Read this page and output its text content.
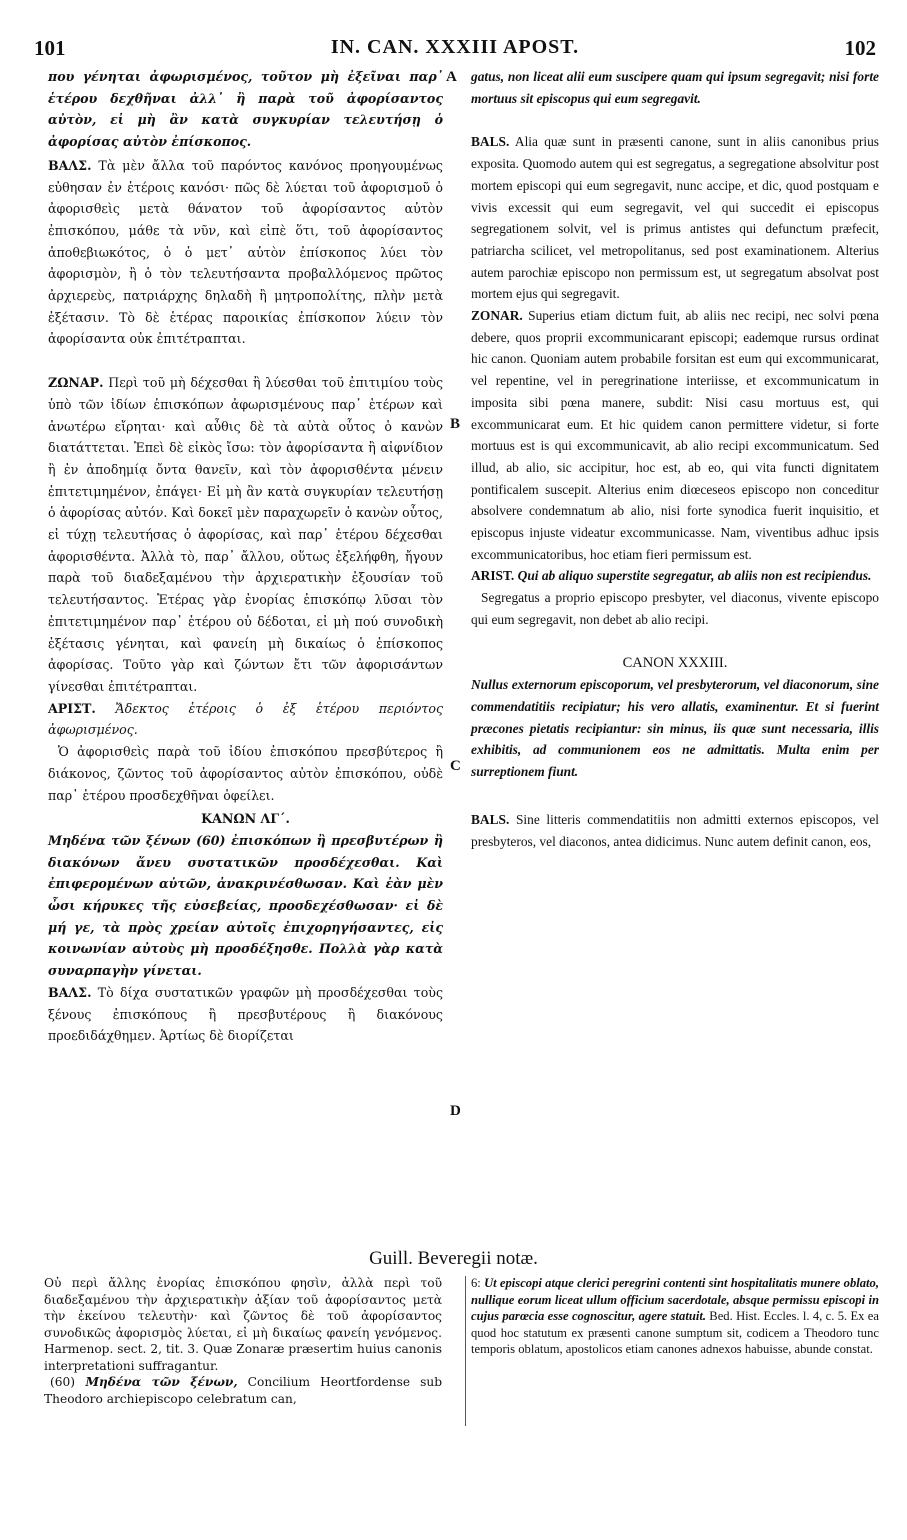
101	IN. CAN. XXXIII APOST.	102
A
B
C
D

που γένηται ἀφωρισμένος, τοῦτον μὴ ἐξεῖναι παρ᾽ ἑτέρου δεχθῆναι ἀλλ᾽ ἢ παρὰ τοῦ ἀφορίσαντος αὐτὸν, εἰ μὴ ἂν κατὰ συγκυρίαν τελευτήσῃ ὁ ἀφορίσας αὐτὸν ἐπίσκοπος.

ΒΑΛΣ. Τὰ μὲν ἄλλα τοῦ παρόντος κανόνος προηγουμένως εὐθησαν ἐν ἑτέροις κανόσι· πῶς δὲ λύεται τοῦ ἀφορισμοῦ ὁ ἀφορισθεὶς μετὰ θάνατον τοῦ ἀφορίσαντος αὐτὸν ἐπισκόπου, μάθε τὰ νῦν, καὶ εἰπὲ ὅτι, τοῦ ἀφορίσαντος ἀποθεβιωκότος, ὁ ὁ μετ᾽ αὐτὸν ἐπίσκοπος λύει τὸν ἀφορισμὸν, ἢ ὁ τὸν τελευτήσαντα προβαλλόμενος πρῶτος ἀρχιερεὺς, πατριάρχης δηλαδὴ ἢ μητροπολίτης, πλὴν μετὰ ἐξέτασιν. Τὸ δὲ ἑτέρας παροικίας ἐπίσκοπον λύειν τὸν ἀφορίσαντα οὐκ ἐπιτέτραπται.

ΖΩΝΑΡ. Περὶ τοῦ μὴ δέχεσθαι ἢ λύεσθαι τοῦ ἐπιτιμίου τοὺς ὑπὸ τῶν ἰδίων ἐπισκόπων ἀφωρισμένους παρ᾽ ἑτέρων καὶ ἀνωτέρω εἴρηται· καὶ αὖθις δὲ τὰ αὐτὰ οὗτος ὁ κανὼν διατάττεται. Ἐπεὶ δὲ εἰκὸς ἴσω: τὸν ἀφορίσαντα ἢ αἰφνίδιον ἢ ἐν ἀποδημίᾳ ὄντα θανεῖν, καὶ τὸν ἀφορισθέντα μένειν ἐπιτετιμημένον, ἐπάγει· Εἰ μὴ ἂν κατὰ συγκυρίαν τελευτήσῃ ὁ ἀφορίσας αὐτόν. Καὶ δοκεῖ μὲν παραχωρεῖν ὁ κανὼν οὗτος, εἰ τύχῃ τελευτήσας ὁ ἀφορίσας, καὶ παρ᾽ ἑτέρου δέχεσθαι ἀφορισθέντα. Ἀλλὰ τὸ, παρ᾽ ἄλλου, οὕτως ἐξελήφθη, ἤγουν παρὰ τοῦ διαδεξαμένου τὴν ἀρχιερατικὴν ἐξουσίαν τοῦ τελευτήσαντος. Ἑτέρας γὰρ ἐνορίας ἐπισκόπῳ λῦσαι τὸν ἐπιτετιμημένον παρ᾽ ἑτέρου οὐ δέδοται, εἰ μὴ πού συνοδικὴ ἐξέτασις γένηται, καὶ φανείη μὴ δικαίως ὁ ἐπίσκοπος ἀφορίσας. Τοῦτο γὰρ καὶ ζώντων ἔτι τῶν ἀφορισάντων γίνεσθαι ἐπιτέτραπται.

ΑΡΙΣΤ. Ἄδεκτος ἑτέροις ὁ ἐξ ἑτέρου περιόντος ἀφωρισμένος.

Ὁ ἀφορισθεὶς παρὰ τοῦ ἰδίου ἐπισκόπου πρεσβύτερος ἢ διάκονος, ζῶντος τοῦ ἀφορίσαντος αὐτὸν ἐπισκόπου, οὐδὲ παρ᾽ ἑτέρου προσδεχθῆναι ὀφείλει.

ΚΑΝΩΝ ΛΓ΄.

Μηδένα τῶν ξένων (60) ἐπισκόπων ἢ πρεσβυτέρων ἢ διακόνων ἄνευ συστατικῶν προσδέχεσθαι. Καὶ ἐπιφερομένων αὐτῶν, ἀνακρινέσθωσαν. Καὶ ἐὰν μὲν ὦσι κήρυκες τῆς εὐσεβείας, προσδεχέσθωσαν· εἰ δὲ μή γε, τὰ πρὸς χρείαν αὐτοῖς ἐπιχορηγήσαντες, εἰς κοινωνίαν αὐτοὺς μὴ προσδέξησθε. Πολλὰ γὰρ κατὰ συναρπαγὴν γίνεται.

ΒΑΛΣ. Τὸ δίχα συστατικῶν γραφῶν μὴ προσδέχεσθαι τοὺς ξένους ἐπισκόπους ἢ πρεσβυτέρους ἢ διακόνους προεδιδάχθημεν. Ἀρτίως δὲ διορίζεται

gatus, non liceat alii eum suscipere quam qui ipsum segregavit; nisi forte mortuus sit episcopus qui eum segregavit.

BALS. Alia quæ sunt in præsenti canone, sunt in aliis canonibus prius exposita. Quomodo autem qui est segregatus, a segregatione absolvitur post mortem episcopi qui eum segregavit, nunc accipe, et dic, quod postquam e vivis excessit qui eum segregavit, vel qui succedit ei episcopus segregationem solvit, vel is primus antistes qui defunctum præfecit, patriarcha scilicet, vel metropolitanus, sed post examinationem. Alterius autem parochiæ episcopo non permissum est, ut segregatum absolvat post mortem ejus qui segregavit.

ZONAR. Superius etiam dictum fuit, ab aliis nec recipi, nec solvi pœna debere, quos proprii excommunicarant episcopi; eademque rursus ordinat hic canon. Quoniam autem probabile forsitan est eum qui excommunicarat, vel repentine, vel in peregrinatione interiisse, et excommunicatum in imposita sibi pœna manere, subdit: Nisi casu mortuus est, qui excommunicarat eum. Et hic quidem canon permittere videtur, si forte mortuus est is qui excommunicavit, ab alio recipi excommunicatum. Sed illud, ab alio, sic accipitur, hoc est, ab eo, qui vita functi dignitatem pontificalem suscepit. Alterius enim diœceseos episcopo non conceditur absolvere condemnatum ab alio, nisi forte synodica fuerit inquisitio, et episcopus injuste videatur excommunicasse. Nam, viventibus adhuc ipsis excommunicatoribus, hoc etiam fieri permissum est.

ARIST. Qui ab aliquo superstite segregatur, ab aliis non est recipiendus.

Segregatus a proprio episcopo presbyter, vel diaconus, vivente episcopo qui eum segregavit, non debet ab alio recipi.

CANON XXXIII.

Nullus externorum episcoporum, vel presbyterorum, vel diaconorum, sine commendatitiis recipiatur; his vero allatis, examinentur. Et si fuerint præcones pietatis recipiantur: sin minus, iis quæ sunt necessaria, illis exhibitis, ad communionem eos ne admittatis. Multa enim per surreptionem fiunt.

BALS. Sine litteris commendatitiis non admitti externos episcopos, vel presbyteros, vel diaconos, antea didicimus. Nunc autem definit canon, eos,

Guill. Beveregii notæ.

Οὐ περὶ ἄλλης ἐνορίας ἐπισκόπου φησὶν, ἀλλὰ περὶ τοῦ διαδεξαμένου τὴν ἀρχιερατικὴν ἀξίαν τοῦ ἀφορίσαντος μετὰ τὴν ἐκείνου τελευτὴν· καὶ ζῶντος δὲ τοῦ ἀφορίσαντος συνοδικῶς ἀφορισμὸς λύεται, εἰ μὴ δικαίως φανείη γενόμενος. Harmenop. sect. 2, tit. 3. Quæ Zonaræ præsertim huius canonis interpretationi suffragantur.

(60) Μηδένα τῶν ξένων, Concilium Heortfordense sub Theodoro archiepiscopo celebratum can,

6: Ut episcopi atque clerici peregrini contenti sint hospitalitatis munere oblato, nullique eorum liceat ullum officium sacerdotale, absque permissu episcopi in cujus parœcia esse cognoscitur, agere statuit. Bed. Hist. Eccles. l. 4, c. 5. Ex ea quod hoc statutum ex præsenti canone sumptum sit, codicem a Theodoro tunc temporis oblatum, apostolicos etiam canones adnexos habuisse, abunde constat.
